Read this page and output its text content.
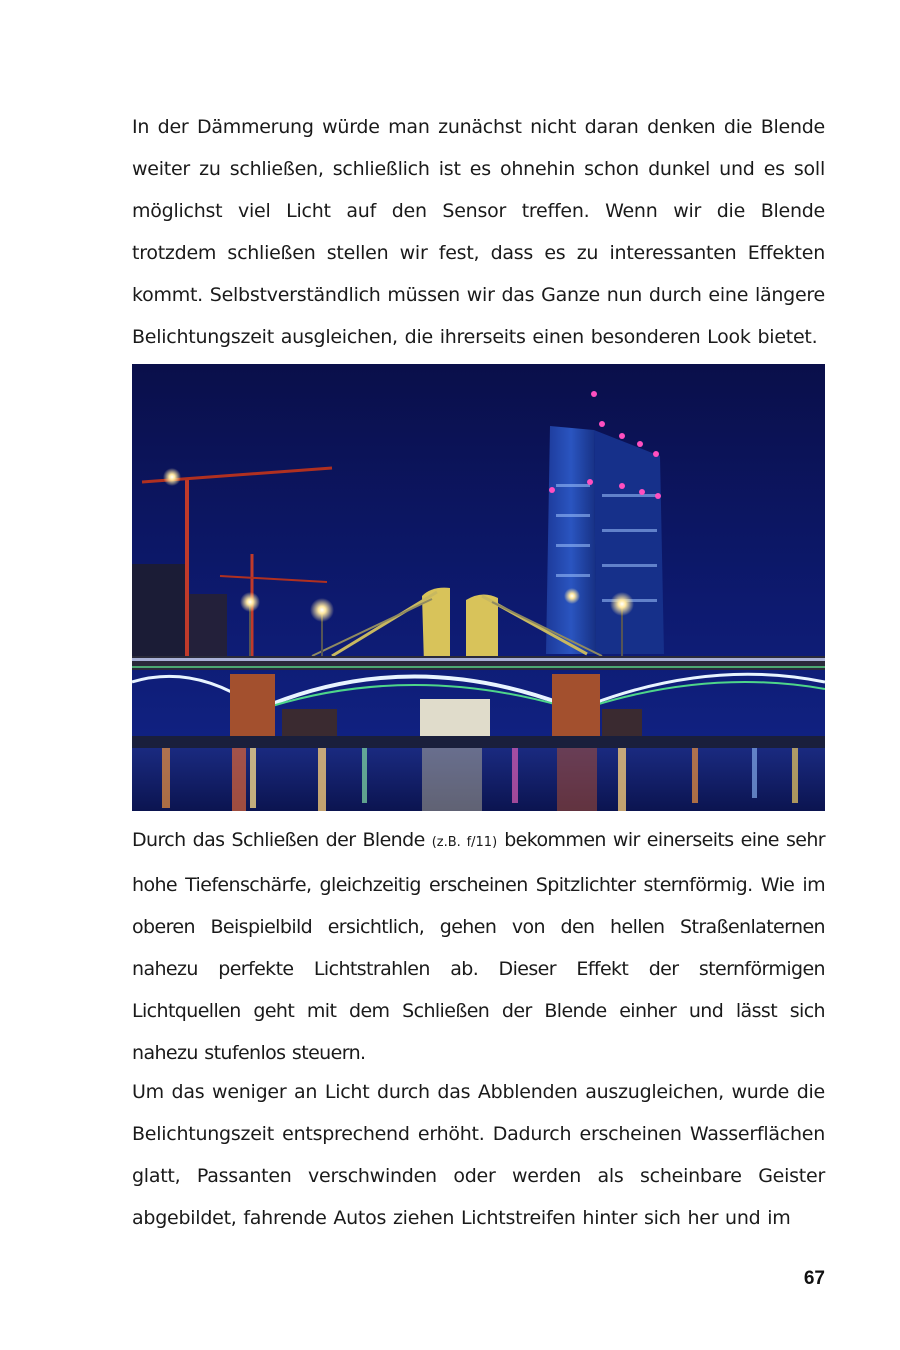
In der Dämmerung würde man zunächst nicht daran denken die Blende weiter zu schließen, schließlich ist es ohnehin schon dunkel und es soll möglichst viel Licht auf den Sensor treffen. Wenn wir die Blende trotzdem schließen stellen wir fest, dass es zu interessanten Effekten kommt. Selbstverständlich müssen wir das Ganze nun durch eine längere Belichtungszeit ausgleichen, die ihrerseits einen besonderen Look bietet.

Durch das Schließen der Blende (z.B. f/11) bekommen wir einerseits eine sehr hohe Tiefenschärfe, gleichzeitig erscheinen Spitzlichter sternförmig. Wie im oberen Beispielbild ersichtlich, gehen von den hellen Straßenlaternen nahezu perfekte Lichtstrahlen ab. Dieser Effekt der sternförmigen Lichtquellen geht mit dem Schließen der Blende einher und lässt sich nahezu stufenlos steuern.

Um das weniger an Licht durch das Abblenden auszugleichen, wurde die Belichtungszeit entsprechend erhöht. Dadurch erscheinen Wasserflächen glatt, Passanten verschwinden oder werden als scheinbare Geister abgebildet, fahrende Autos ziehen Lichtstreifen hinter sich her und im

67
